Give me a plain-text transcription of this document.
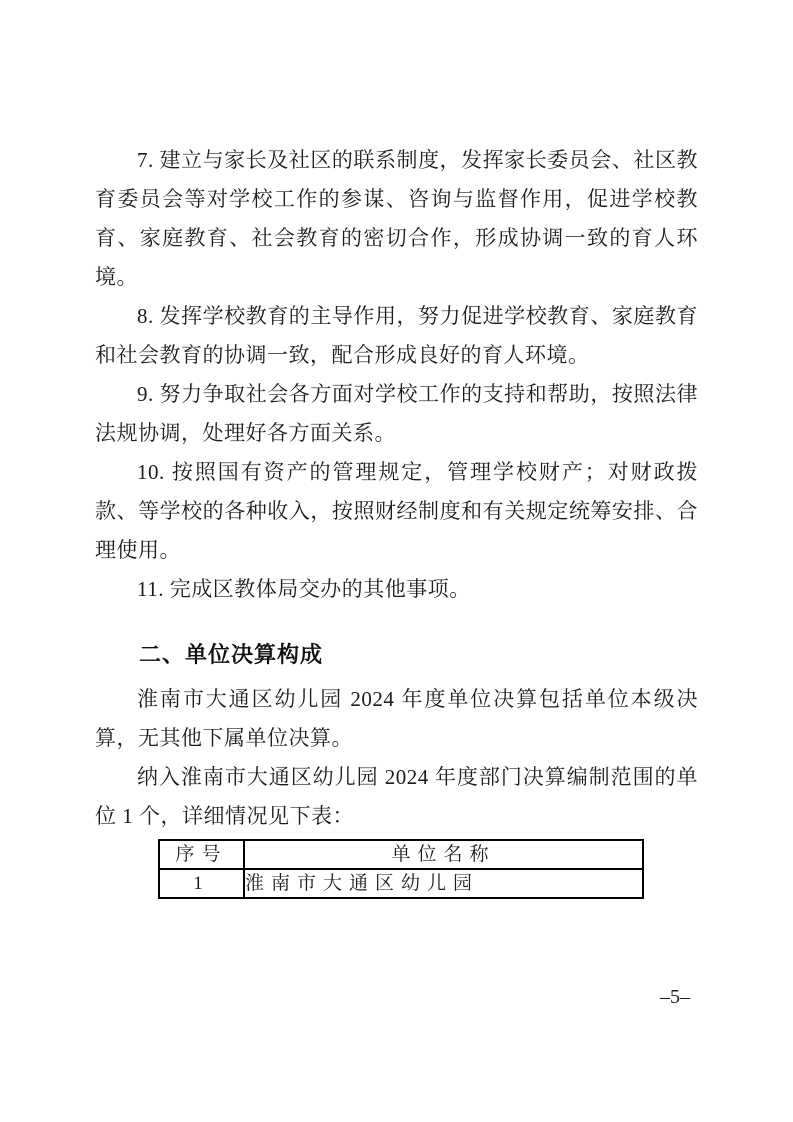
7. 建立与家长及社区的联系制度，发挥家长委员会、社区教育委员会等对学校工作的参谋、咨询与监督作用，促进学校教育、家庭教育、社会教育的密切合作，形成协调一致的育人环境。

8. 发挥学校教育的主导作用，努力促进学校教育、家庭教育和社会教育的协调一致，配合形成良好的育人环境。

9. 努力争取社会各方面对学校工作的支持和帮助，按照法律法规协调，处理好各方面关系。

10. 按照国有资产的管理规定，管理学校财产；对财政拨款、等学校的各种收入，按照财经制度和有关规定统筹安排、合理使用。

11. 完成区教体局交办的其他事项。

二、单位决算构成

淮南市大通区幼儿园 2024 年度单位决算包括单位本级决算，无其他下属单位决算。

纳入淮南市大通区幼儿园 2024 年度部门决算编制范围的单位 1 个，详细情况见下表：

序号	单位名称
1	淮南市大通区幼儿园
–5–
